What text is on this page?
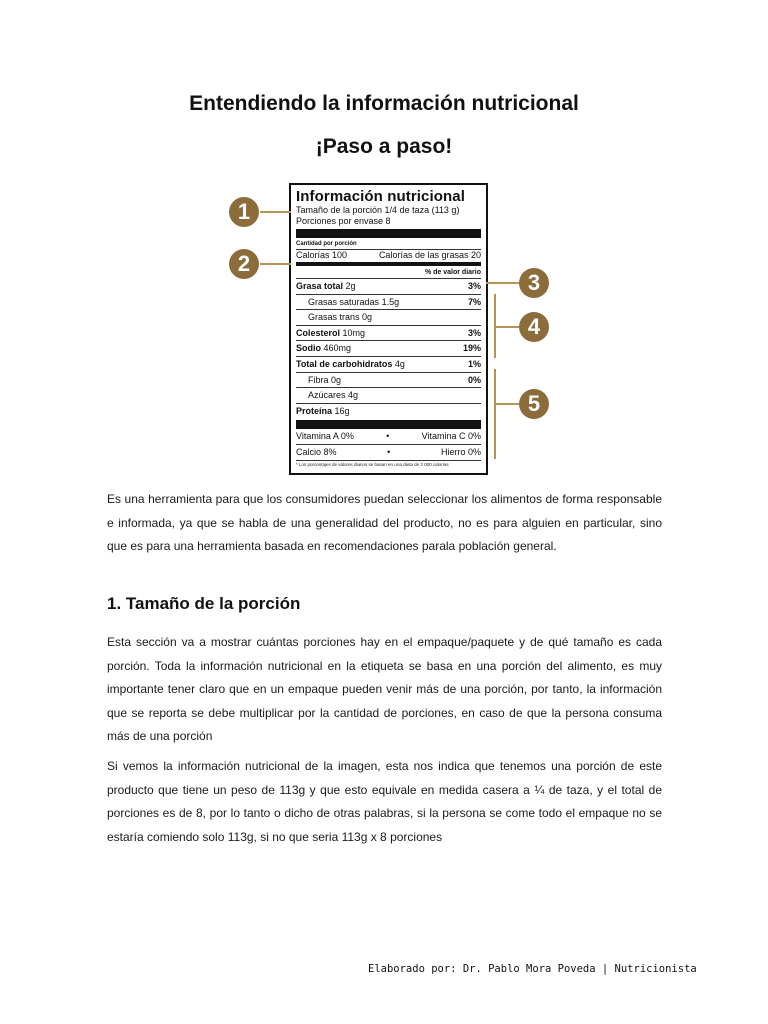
Entendiendo la información nutricional
¡Paso a paso!
Información nutricional
Tamaño de la porción 1/4 de taza (113 g)
Porciones por envase 8
Cantidad por porción
Calorías 100	Calorías de las grasas 20
% de valor diario
Grasa total 2g	3%
Grasas saturadas 1.5g	7%
Grasas trans 0g
Colesterol 10mg	3%
Sodio 460mg	19%
Total de carbohidratos 4g	1%
Fibra 0g	0%
Azúcares 4g
Proteína 16g
Vitamina A 0%	•	Vitamina C 0%
Calcio 8%	•	Hierro 0%
* Los porcentajes de valores diarios se basan en una dieta de 2 000 calorías
1
2
3
4
5
Es una herramienta para que los consumidores puedan seleccionar los alimentos de forma responsable e informada, ya que se habla de una generalidad del producto, no es para alguien en particular, sino que es para una herramienta basada en recomendaciones parala población general.
1. Tamaño de la porción
Esta sección va a mostrar cuántas porciones hay en el empaque/paquete y de qué tamaño es cada porción. Toda la información nutricional en la etiqueta se basa en una porción del alimento, es muy importante tener claro que en un empaque pueden venir más de una porción, por tanto, la información que se reporta se debe multiplicar por la cantidad de porciones, en caso de que la persona consuma más de una porción
Si vemos la información nutricional de la imagen, esta nos indica que tenemos una porción de este producto que tiene un peso de 113g y que esto equivale en medida casera a ¼ de taza, y el total de porciones es de 8, por lo tanto o dicho de otras palabras, si la persona se come todo el empaque no se estaría comiendo solo 113g, si no que seria 113g x 8 porciones
Elaborado por: Dr. Pablo Mora Poveda | Nutricionista
